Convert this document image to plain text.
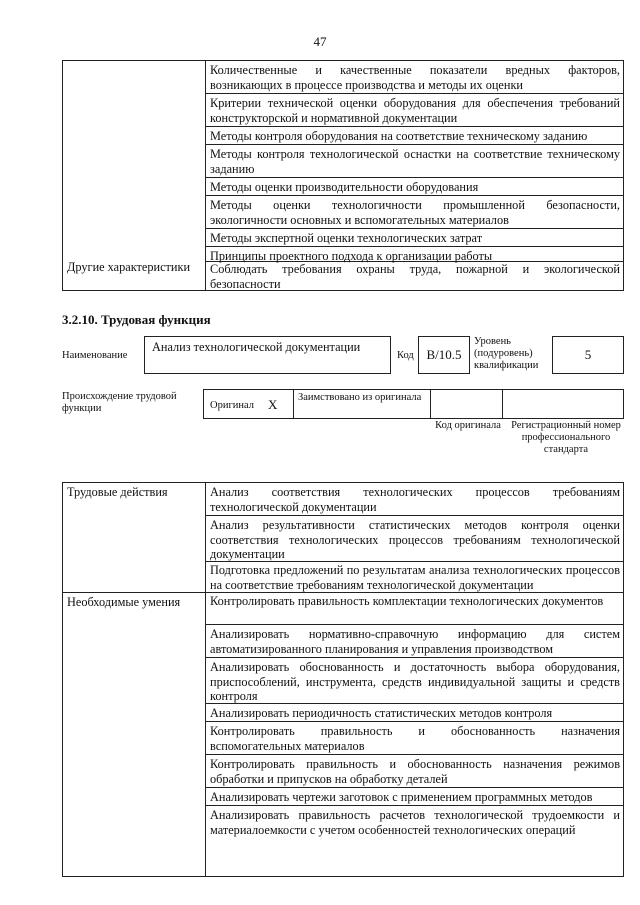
47
Другие характеристики
Количественные и качественные показатели вредных факторов, возникающих в процессе производства и методы их оценки
Критерии технической оценки оборудования для обеспечения требований конструкторской и нормативной документации
Методы контроля оборудования на соответствие техническому заданию
Методы контроля технологической оснастки на соответствие техническому заданию
Методы оценки производительности оборудования
Методы оценки технологичности промышленной безопасности, экологичности основных и вспомогательных материалов
Методы экспертной оценки технологических затрат
Принципы проектного подхода к организации работы
Соблюдать требования охраны труда, пожарной и экологической безопасности
3.2.10. Трудовая функция
Наименование
Анализ технологической документации
Код В/10.5
Уровень (подуровень) квалификации
5
Происхождение трудовой функции	Оригинал X Заимствовано из оригинала
Код оригинала Регистрационный номер профессионального стандарта
Трудовые действия
Необходимые умения
Анализ соответствия технологических процессов требованиям технологической документации
Анализ результативности статистических методов контроля оценки соответствия технологических процессов требованиям технологической документации
Подготовка предложений по результатам анализа технологических процессов на соответствие требованиям технологической документации
Контролировать правильность комплектации технологических документов
Анализировать нормативно-справочную информацию для систем автоматизированного планирования и управления производством
Анализировать обоснованность и достаточность выбора оборудования, приспособлений, инструмента, средств индивидуальной защиты и средств контроля
Анализировать периодичность статистических методов контроля
Контролировать правильность и обоснованность назначения вспомогательных материалов
Контролировать правильность и обоснованность назначения режимов обработки и припусков на обработку деталей
Анализировать чертежи заготовок с применением программных методов
Анализировать правильность расчетов технологической трудоемкости и материалоемкости с учетом особенностей технологических операций
